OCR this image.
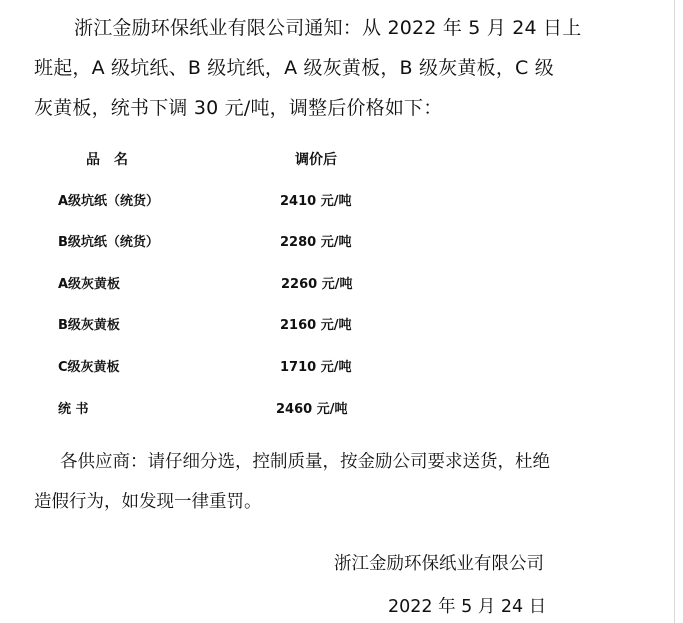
浙江金励环保纸业有限公司通知：从 2022 年 5 月 24 日上
班起，A 级坑纸、B 级坑纸，A 级灰黄板，B 级灰黄板，C 级
灰黄板，统书下调 30 元/吨，调整后价格如下：
品　名	调价后
A级坑纸（统货）	2410 元/吨
B级坑纸（统货）	2280 元/吨
A级灰黄板	2260 元/吨
B级灰黄板	2160 元/吨
C级灰黄板	1710 元/吨
统 书	2460 元/吨
各供应商：请仔细分选，控制质量，按金励公司要求送货，杜绝
造假行为，如发现一律重罚。
浙江金励环保纸业有限公司
2022 年 5 月 24 日
